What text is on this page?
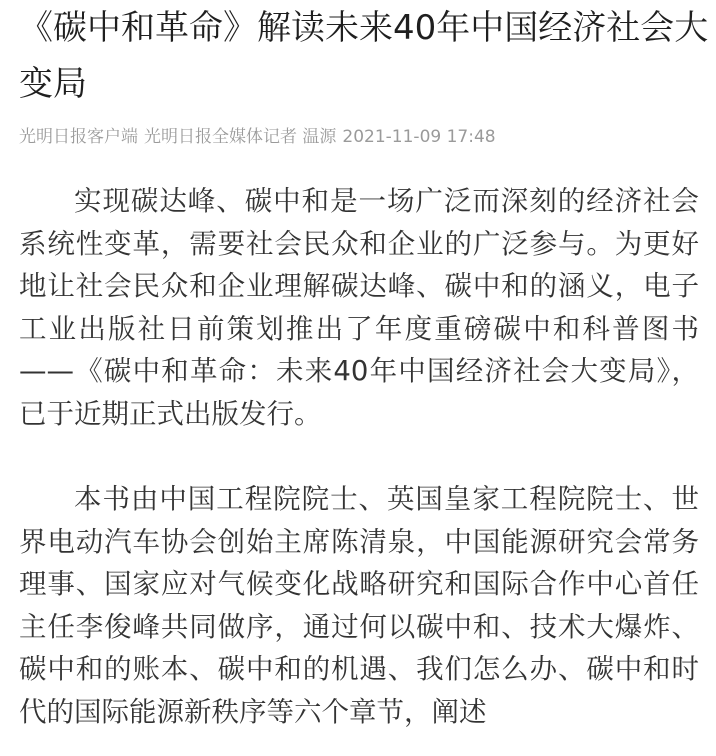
《碳中和革命》解读未来40年中国经济社会大变局
光明日报客户端 光明日报全媒体记者 温源 2021-11-09 17:48

实现碳达峰、碳中和是一场广泛而深刻的经济社会系统性变革，需要社会民众和企业的广泛参与。为更好地让社会民众和企业理解碳达峰、碳中和的涵义，电子工业出版社日前策划推出了年度重磅碳中和科普图书——《碳中和革命：未来40年中国经济社会大变局》，已于近期正式出版发行。

本书由中国工程院院士、英国皇家工程院院士、世界电动汽车协会创始主席陈清泉，中国能源研究会常务理事、国家应对气候变化战略研究和国际合作中心首任主任李俊峰共同做序，通过何以碳中和、技术大爆炸、碳中和的账本、碳中和的机遇、我们怎么办、碳中和时代的国际能源新秩序等六个章节，阐述
